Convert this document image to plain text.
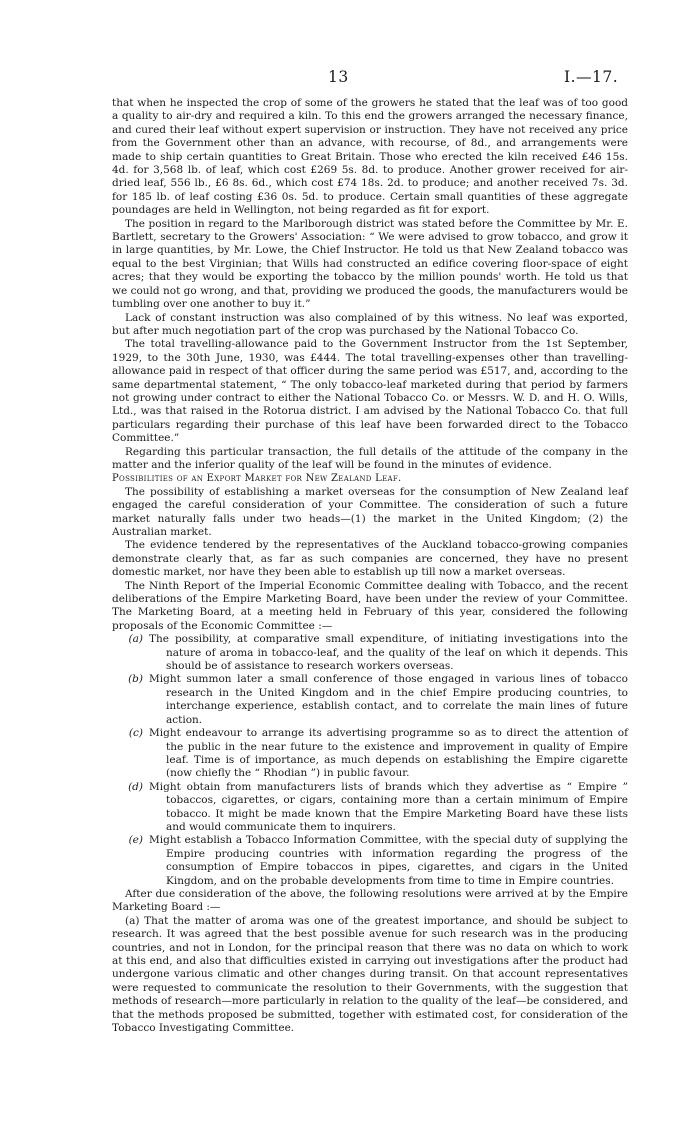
13	I.—17.

that when he inspected the crop of some of the growers he stated that the leaf was of too good a quality to air-dry and required a kiln. To this end the growers arranged the necessary finance, and cured their leaf without expert supervision or instruction. They have not received any price from the Government other than an advance, with recourse, of 8d., and arrangements were made to ship certain quantities to Great Britain. Those who erected the kiln received £46 15s. 4d. for 3,568 lb. of leaf, which cost £269 5s. 8d. to produce. Another grower received for air-dried leaf, 556 lb., £6 8s. 6d., which cost £74 18s. 2d. to produce; and another received 7s. 3d. for 185 lb. of leaf costing £36 0s. 5d. to produce. Certain small quantities of these aggregate poundages are held in Wellington, not being regarded as fit for export.

The position in regard to the Marlborough district was stated before the Committee by Mr. E. Bartlett, secretary to the Growers' Association: “ We were advised to grow tobacco, and grow it in large quantities, by Mr. Lowe, the Chief Instructor. He told us that New Zealand tobacco was equal to the best Virginian; that Wills had constructed an edifice covering floor-space of eight acres; that they would be exporting the tobacco by the million pounds' worth. He told us that we could not go wrong, and that, providing we produced the goods, the manufacturers would be tumbling over one another to buy it.”

Lack of constant instruction was also complained of by this witness. No leaf was exported, but after much negotiation part of the crop was purchased by the National Tobacco Co.

The total travelling-allowance paid to the Government Instructor from the 1st September, 1929, to the 30th June, 1930, was £444. The total travelling-expenses other than travelling-allowance paid in respect of that officer during the same period was £517, and, according to the same departmental statement, “ The only tobacco-leaf marketed during that period by farmers not growing under contract to either the National Tobacco Co. or Messrs. W. D. and H. O. Wills, Ltd., was that raised in the Rotorua district. I am advised by the National Tobacco Co. that full particulars regarding their purchase of this leaf have been forwarded direct to the Tobacco Committee.”

Regarding this particular transaction, the full details of the attitude of the company in the matter and the inferior quality of the leaf will be found in the minutes of evidence.

Possibilities of an Export Market for New Zealand Leaf.

The possibility of establishing a market overseas for the consumption of New Zealand leaf engaged the careful consideration of your Committee. The consideration of such a future market naturally falls under two heads—(1) the market in the United Kingdom; (2) the Australian market.

The evidence tendered by the representatives of the Auckland tobacco-growing companies demonstrate clearly that, as far as such companies are concerned, they have no present domestic market, nor have they been able to establish up till now a market overseas.

The Ninth Report of the Imperial Economic Committee dealing with Tobacco, and the recent deliberations of the Empire Marketing Board, have been under the review of your Committee. The Marketing Board, at a meeting held in February of this year, considered the following proposals of the Economic Committee :—

(a) The possibility, at comparative small expenditure, of initiating investigations into the nature of aroma in tobacco-leaf, and the quality of the leaf on which it depends. This should be of assistance to research workers overseas.
(b) Might summon later a small conference of those engaged in various lines of tobacco research in the United Kingdom and in the chief Empire producing countries, to interchange experience, establish contact, and to correlate the main lines of future action.
(c) Might endeavour to arrange its advertising programme so as to direct the attention of the public in the near future to the existence and improvement in quality of Empire leaf. Time is of importance, as much depends on establishing the Empire cigarette (now chiefly the “ Rhodian ”) in public favour.
(d) Might obtain from manufacturers lists of brands which they advertise as “ Empire ” tobaccos, cigarettes, or cigars, containing more than a certain minimum of Empire tobacco. It might be made known that the Empire Marketing Board have these lists and would communicate them to inquirers.
(e) Might establish a Tobacco Information Committee, with the special duty of supplying the Empire producing countries with information regarding the progress of the consumption of Empire tobaccos in pipes, cigarettes, and cigars in the United Kingdom, and on the probable developments from time to time in Empire countries.

After due consideration of the above, the following resolutions were arrived at by the Empire Marketing Board :—

(a) That the matter of aroma was one of the greatest importance, and should be subject to research. It was agreed that the best possible avenue for such research was in the producing countries, and not in London, for the principal reason that there was no data on which to work at this end, and also that difficulties existed in carrying out investigations after the product had undergone various climatic and other changes during transit. On that account representatives were requested to communicate the resolution to their Governments, with the suggestion that methods of research—more particularly in relation to the quality of the leaf—be considered, and that the methods proposed be submitted, together with estimated cost, for consideration of the Tobacco Investigating Committee.
